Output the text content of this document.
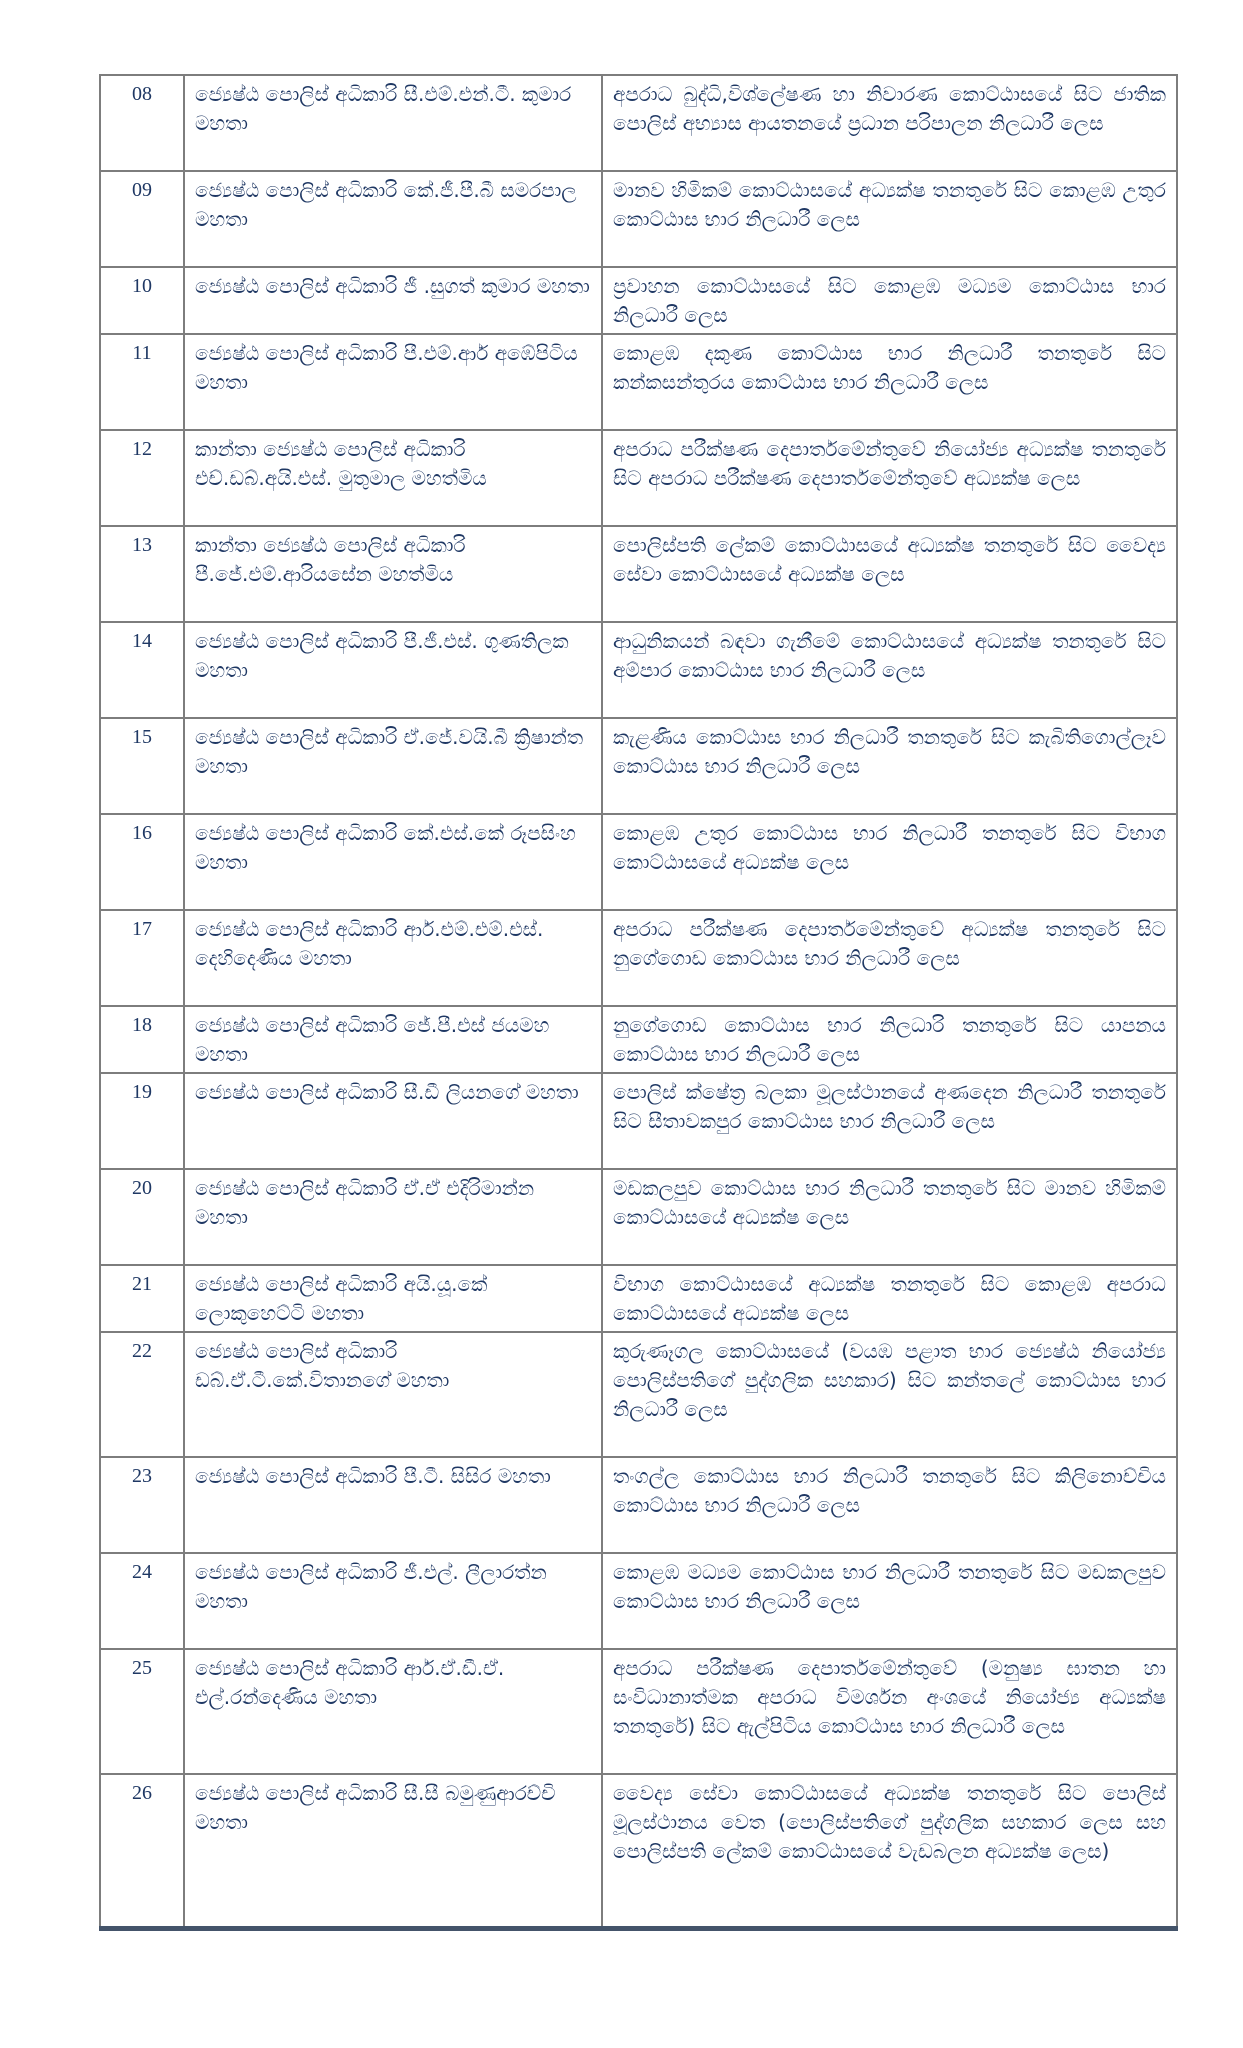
08	ජ්‍යෙෂ්ඨ පොලිස් අධිකාරි සී.එම්.එන්.ටී. කුමාර මහතා	අපරාධ බුද්ධි,විශ්ලේෂණ හා නිවාරණ කොට්ඨාසයේ සිට ජාතික පොලිස් අභ්‍යාස ආයතනයේ ප්‍රධාන පරිපාලන නිලධාරී ලෙස
09	ජ්‍යෙෂ්ඨ පොලිස් අධිකාරි කේ.ජී.පී.බී සමරපාල මහතා	මානව හිමිකම් කොට්ඨාසයේ අධ්‍යක්ෂ තනතුරේ සිට කොළඹ උතුර කොට්ඨාස භාර නිලධාරී ලෙස
10	ජ්‍යෙෂ්ඨ පොලිස් අධිකාරි ජී .සුගත් කුමාර මහතා	ප්‍රවාහන කොට්ඨාසයේ සිට කොළඹ මධ්‍යම කොට්ඨාස භාර නිලධාරී ලෙස
11	ජ්‍යෙෂ්ඨ පොලිස් අධිකාරි පී.එම්.ආර් අඹේපිටිය මහතා	කොළඹ දකුණ කොට්ඨාස භාර නිලධාරී තනතුරේ සිට කන්කසන්තුරය කොට්ඨාස භාර නිලධාරී ලෙස
12	කාන්තා ජ්‍යෙෂ්ඨ පොලිස් අධිකාරි එච්.ඩබ්.අයි.එස්. මුතුමාල මහත්මිය	අපරාධ පරීක්ෂණ දෙපාර්තමේන්තුවේ නියෝජ්‍ය අධ්‍යක්ෂ තනතුරේ සිට අපරාධ පරීක්ෂණ දෙපාර්තමේන්තුවේ අධ්‍යක්ෂ ලෙස
13	කාන්තා ජ්‍යෙෂ්ඨ පොලිස් අධිකාරි පී.ජේ.එම්.ආරියසේන මහත්මිය	පොලිස්පති ලේකම් කොට්ඨාසයේ අධ්‍යක්ෂ තනතුරේ සිට වෛද්‍ය සේවා කොට්ඨාසයේ අධ්‍යක්ෂ ලෙස
14	ජ්‍යෙෂ්ඨ පොලිස් අධිකාරි පී.ජී.එස්. ගුණතිලක මහතා	ආධුනිකයන් බඳවා ගැනීමේ කොට්ඨාසයේ අධ්‍යක්ෂ තනතුරේ සිට අම්පාර කොට්ඨාස භාර නිලධාරී ලෙස
15	ජ්‍යෙෂ්ඨ පොලිස් අධිකාරි ඒ.ජේ.වයි.බී ක්‍රිෂාන්ත මහතා	කැළණිය කොට්ඨාස භාර නිලධාරී තනතුරේ සිට කැබිතිගොල්ලෑව කොට්ඨාස භාර නිලධාරී ලෙස
16	ජ්‍යෙෂ්ඨ පොලිස් අධිකාරි කේ.එස්.කේ රූපසිංහ මහතා	කොළඹ උතුර කොට්ඨාස භාර නිලධාරී තනතුරේ සිට විභාග කොට්ඨාසයේ අධ්‍යක්ෂ ලෙස
17	ජ්‍යෙෂ්ඨ පොලිස් අධිකාරි ආර්.එම්.එම්.එස්. දෙහිදෙණිය මහතා	අපරාධ පරීක්ෂණ දෙපාර්තමේන්තුවේ අධ්‍යක්ෂ තනතුරේ සිට නුගේගොඩ කොට්ඨාස භාර නිලධාරී ලෙස
18	ජ්‍යෙෂ්ඨ පොලිස් අධිකාරි ජේ.පී.එස් ජයමහ මහතා	නුගේගොඩ කොට්ඨාස භාර නිලධාරි තනතුරේ සිට යාපනය කොට්ඨාස භාර නිලධාරී ලෙස
19	ජ්‍යෙෂ්ඨ පොලිස් අධිකාරි සී.ඩී ලියනගේ මහතා	පොලිස් ක්ෂේත්‍ර බලකා මූලස්ථානයේ අණදෙන නිලධාරී තනතුරේ සිට සීතාවකපුර කොට්ඨාස භාර නිලධාරී ලෙස
20	ජ්‍යෙෂ්ඨ පොලිස් අධිකාරි ඒ.ඒ එදිරිමාන්න මහතා	මඩකලපුව කොට්ඨාස භාර නිලධාරී තනතුරේ සිට මානව හිමිකම් කොට්ඨාසයේ අධ්‍යක්ෂ ලෙස
21	ජ්‍යෙෂ්ඨ පොලිස් අධිකාරි අයි.යූ.කේ ලොකුහෙට්ටි මහතා	විභාග කොට්ඨාසයේ අධ්‍යක්ෂ තනතුරේ සිට කොළඹ අපරාධ කොට්ඨාසයේ අධ්‍යක්ෂ ලෙස
22	ජ්‍යෙෂ්ඨ පොලිස් අධිකාරි ඩබ්.ඒ.ටී.කේ.විතානගේ මහතා	කුරුණෑගල කොට්ඨාසයේ (වයඹ පළාත භාර ජ්‍යෙෂ්ඨ නියෝජ්‍ය පොලිස්පතිගේ පුද්ගලික සහකාර) සිට කන්තලේ කොට්ඨාස භාර නිලධාරී ලෙස
23	ජ්‍යෙෂ්ඨ පොලිස් අධිකාරි පී.ටී. සිසිර මහතා	තංගල්ල කොට්ඨාස භාර නිලධාරී තනතුරේ සිට කිලිනොච්චිය කොට්ඨාස භාර නිලධාරී ලෙස
24	ජ්‍යෙෂ්ඨ පොලිස් අධිකාරි ජී.එල්. ලීලාරත්න මහතා	කොළඹ මධ්‍යම කොට්ඨාස භාර නිලධාරී තනතුරේ සිට මඩකලපුව කොට්ඨාස භාර නිලධාරී ලෙස
25	ජ්‍යෙෂ්ඨ පොලිස් අධිකාරි ආර්.ඒ.ඩී.ඒ. එල්.රන්දෙණිය මහතා	අපරාධ පරීක්ෂණ දෙපාර්තමේන්තුවේ (මනුෂ්‍ය ඝාතන හා සංවිධානාත්මක අපරාධ විමර්ශන අංශයේ නියෝජ්‍ය අධ්‍යක්ෂ තනතුරේ) සිට ඇල්පිටිය කොට්ඨාස භාර නිලධාරී ලෙස
26	ජ්‍යෙෂ්ඨ පොලිස් අධිකාරි සී.සී බමුණුආරච්චි මහතා	වෛද්‍ය සේවා කොට්ඨාසයේ අධ්‍යක්ෂ තනතුරේ සිට පොලිස් මූලස්ථානය වෙත (පොලිස්පතිගේ පුද්ගලික සහකාර ලෙස සහ පොලිස්පති ලේකම් කොට්ඨාසයේ වැඩබලන අධ්‍යක්ෂ ලෙස)
